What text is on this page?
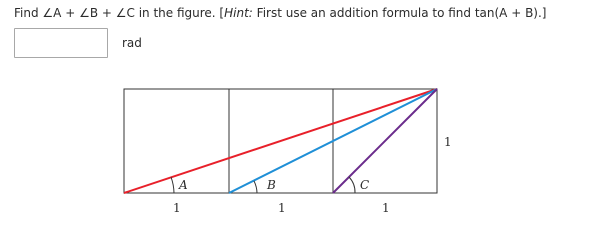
Find ∠A + ∠B + ∠C in the figure. [Hint: First use an addition formula to find tan(A + B).]
rad
A	B	C
1	1	1
1
